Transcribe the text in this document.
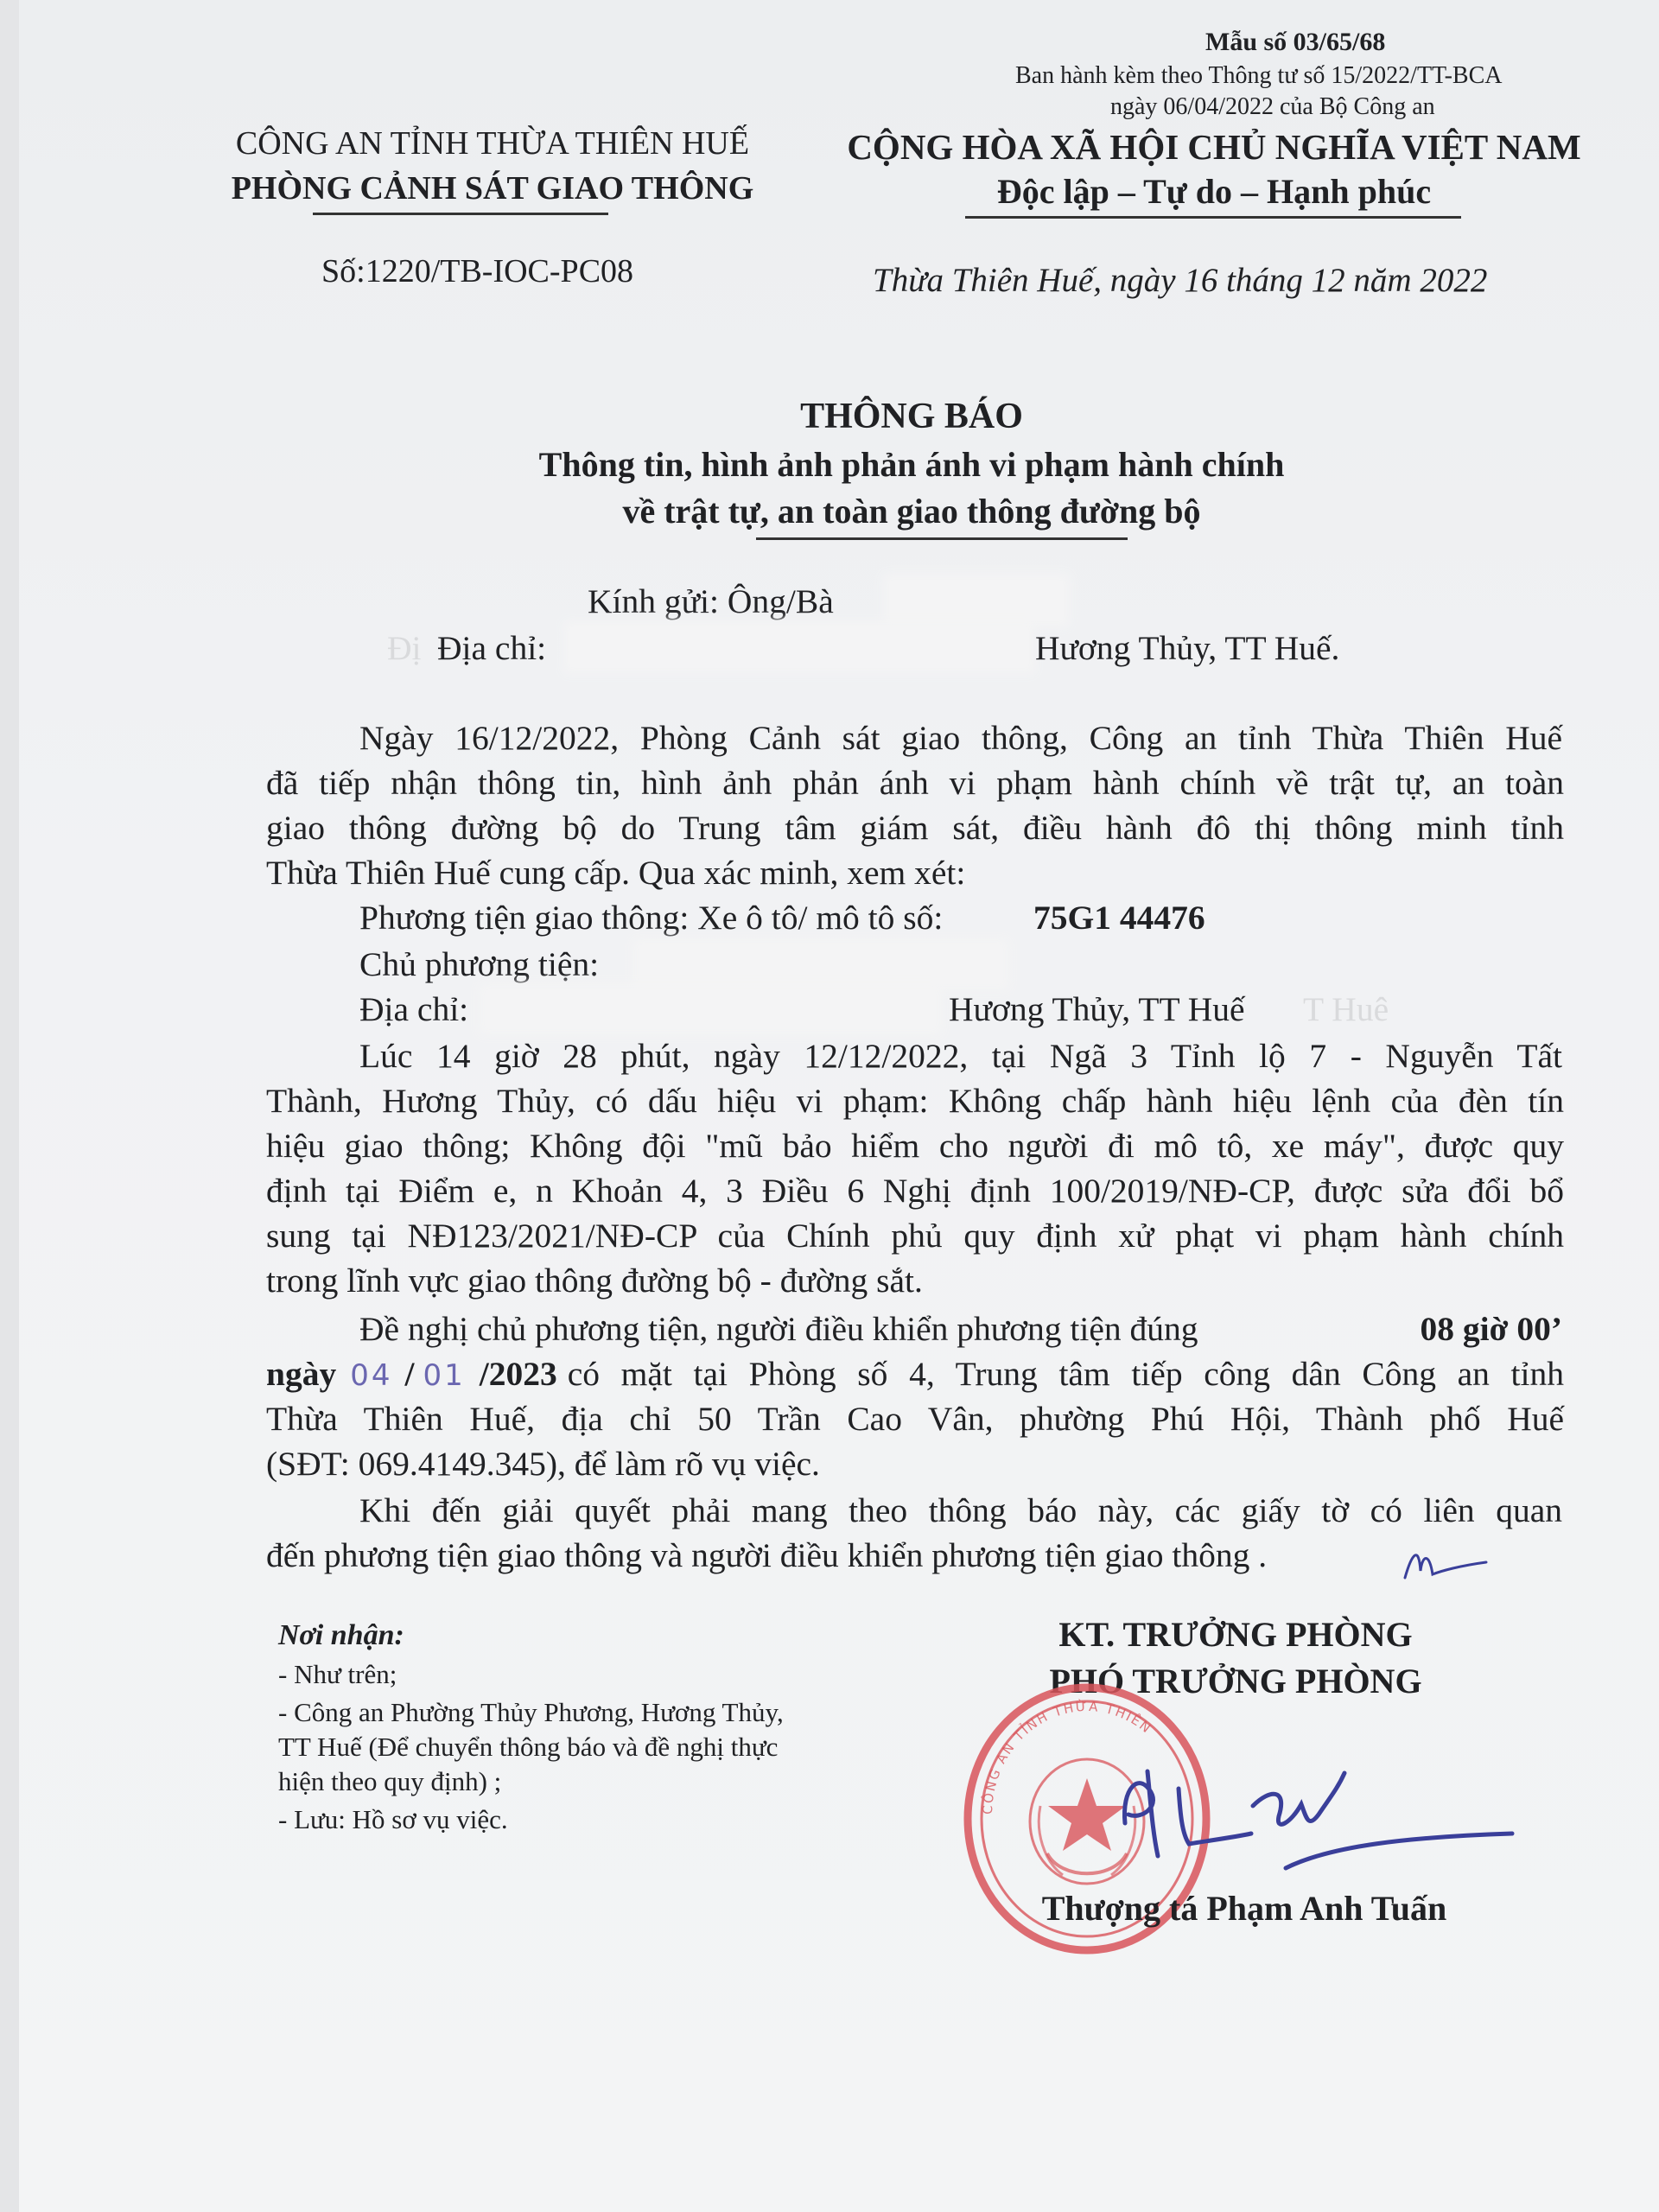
Mẫu số 03/65/68
Ban hành kèm theo Thông tư số 15/2022/TT-BCA
ngày 06/04/2022 của Bộ Công an
CÔNG AN TỈNH THỪA THIÊN HUẾ
PHÒNG CẢNH SÁT GIAO THÔNG
Số:1220/TB-IOC-PC08
CỘNG HÒA XÃ HỘI CHỦ NGHĨA VIỆT NAM
Độc lập – Tự do – Hạnh phúc
Thừa Thiên Huế, ngày 16 tháng 12 năm 2022
THÔNG BÁO
Thông tin, hình ảnh phản ánh vi phạm hành chính
về trật tự, an toàn giao thông đường bộ
Kính gửi: Ông/Bà
Đị Địa chỉ:	Hương Thủy, TT Huế.
Ngày 16/12/2022, Phòng Cảnh sát giao thông, Công an tỉnh Thừa Thiên Huế
đã tiếp nhận thông tin, hình ảnh phản ánh vi phạm hành chính về trật tự, an toàn
giao thông đường bộ do Trung tâm giám sát, điều hành đô thị thông minh tỉnh
Thừa Thiên Huế cung cấp. Qua xác minh, xem xét:
Phương tiện giao thông: Xe ô tô/ mô tô số:	75G1 44476
Chủ phương tiện:
Địa chỉ:	Hương Thủy, TT Huế T Huê
Lúc 14 giờ 28 phút, ngày 12/12/2022, tại Ngã 3 Tỉnh lộ 7 - Nguyễn Tất
Thành, Hương Thủy, có dấu hiệu vi phạm: Không chấp hành hiệu lệnh của đèn tín
hiệu giao thông; Không đội "mũ bảo hiểm cho người đi mô tô, xe máy", được quy
định tại Điểm e, n Khoản 4, 3 Điều 6 Nghị định 100/2019/NĐ-CP, được sửa đổi bổ
sung tại NĐ123/2021/NĐ-CP của Chính phủ quy định xử phạt vi phạm hành chính
trong lĩnh vực giao thông đường bộ - đường sắt.
Đề nghị chủ phương tiện, người điều khiển phương tiện đúng	08 giờ 00’
ngày 04 / 01 /2023 có mặt tại Phòng số 4, Trung tâm tiếp công dân Công an tỉnh
Thừa Thiên Huế, địa chỉ 50 Trần Cao Vân, phường Phú Hội, Thành phố Huế
(SĐT: 069.4149.345), để làm rõ vụ việc.
Khi đến giải quyết phải mang theo thông báo này, các giấy tờ có liên quan
đến phương tiện giao thông và người điều khiển phương tiện giao thông .
Nơi nhận:
- Như trên;
- Công an Phường Thủy Phương, Hương Thủy,
TT Huế (Để chuyển thông báo và đề nghị thực
hiện theo quy định) ;
- Lưu: Hồ sơ vụ việc.
KT. TRƯỞNG PHÒNG
PHÓ TRƯỞNG PHÒNG
CÔNG AN TỈNH THỪA THIÊN
Thượng tá Phạm Anh Tuấn
